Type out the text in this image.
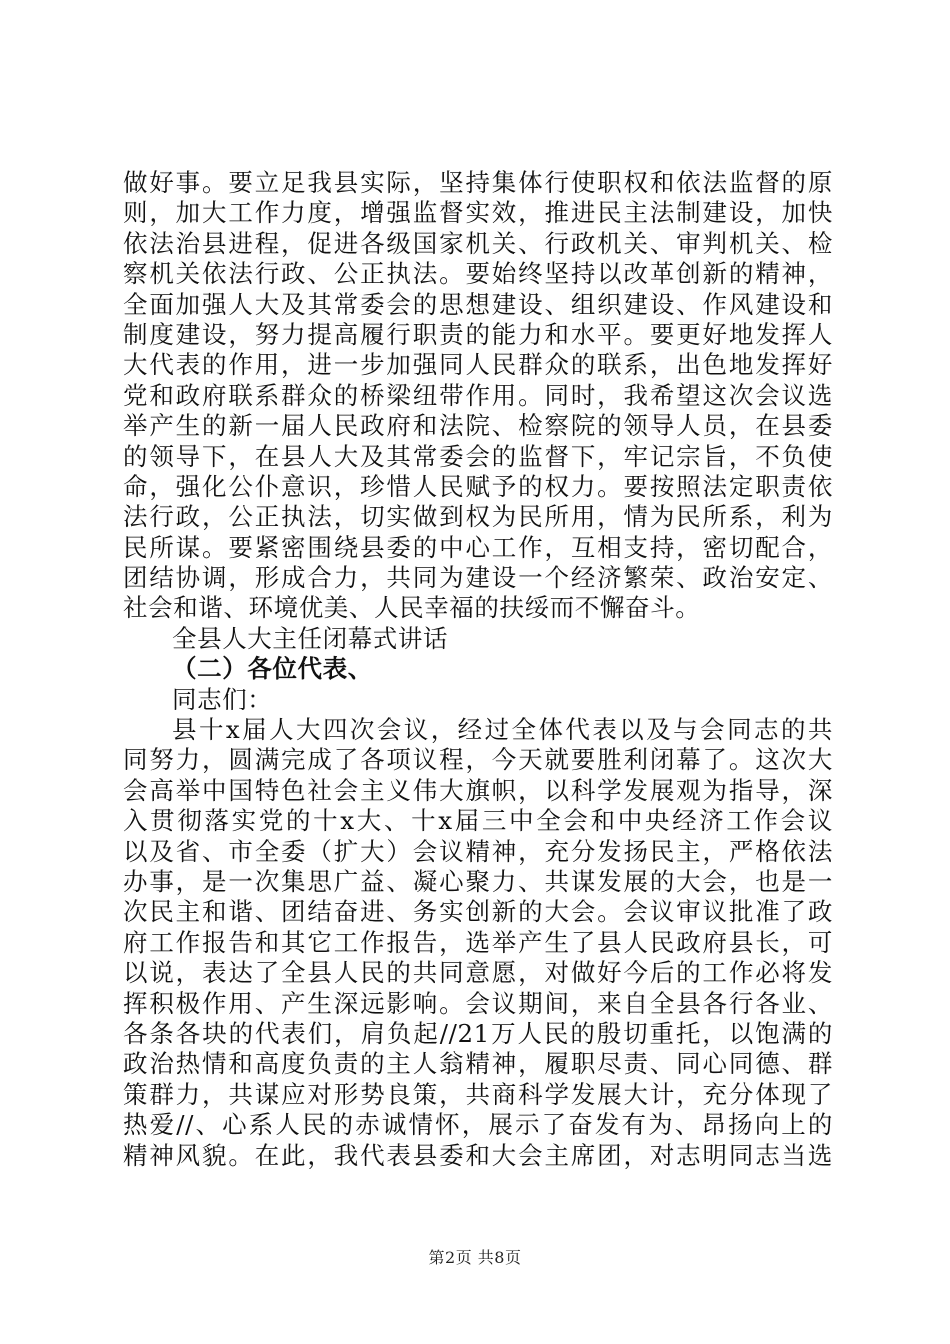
做好事。要立足我县实际，坚持集体行使职权和依法监督的原
则，加大工作力度，增强监督实效，推进民主法制建设，加快
依法治县进程，促进各级国家机关、行政机关、审判机关、检
察机关依法行政、公正执法。要始终坚持以改革创新的精神，
全面加强人大及其常委会的思想建设、组织建设、作风建设和
制度建设，努力提高履行职责的能力和水平。要更好地发挥人
大代表的作用，进一步加强同人民群众的联系，出色地发挥好
党和政府联系群众的桥梁纽带作用。同时，我希望这次会议选
举产生的新一届人民政府和法院、检察院的领导人员，在县委
的领导下，在县人大及其常委会的监督下，牢记宗旨，不负使
命，强化公仆意识，珍惜人民赋予的权力。要按照法定职责依
法行政，公正执法，切实做到权为民所用，情为民所系，利为
民所谋。要紧密围绕县委的中心工作，互相支持，密切配合，
团结协调，形成合力，共同为建设一个经济繁荣、政治安定、
社会和谐、环境优美、人民幸福的扶绥而不懈奋斗。
全县人大主任闭幕式讲话
（二）各位代表、
同志们：
县十x届人大四次会议，经过全体代表以及与会同志的共
同努力，圆满完成了各项议程，今天就要胜利闭幕了。这次大
会高举中国特色社会主义伟大旗帜，以科学发展观为指导，深
入贯彻落实党的十x大、十x届三中全会和中央经济工作会议
以及省、市全委（扩大）会议精神，充分发扬民主，严格依法
办事，是一次集思广益、凝心聚力、共谋发展的大会，也是一
次民主和谐、团结奋进、务实创新的大会。会议审议批准了政
府工作报告和其它工作报告，选举产生了县人民政府县长，可
以说，表达了全县人民的共同意愿，对做好今后的工作必将发
挥积极作用、产生深远影响。会议期间，来自全县各行各业、
各条各块的代表们，肩负起//21万人民的殷切重托，以饱满的
政治热情和高度负责的主人翁精神，履职尽责、同心同德、群
策群力，共谋应对形势良策，共商科学发展大计，充分体现了
热爱//、心系人民的赤诚情怀，展示了奋发有为、昂扬向上的
精神风貌。在此，我代表县委和大会主席团，对志明同志当选
第2页 共8页
